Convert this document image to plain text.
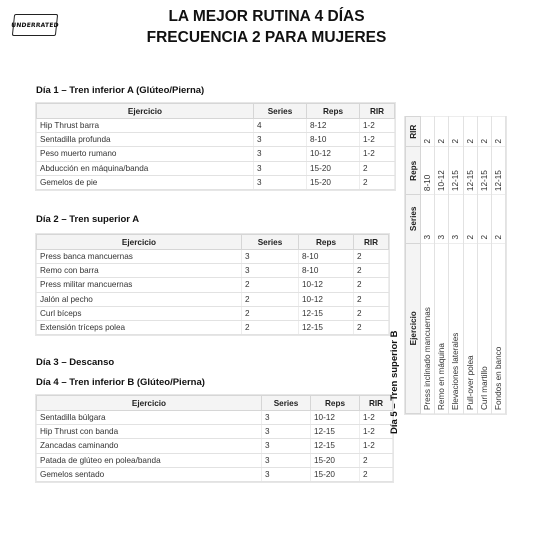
UNDERRATED	LA MEJOR RUTINA 4 DÍAS
FRECUENCIA 2 PARA MUJERES
Día 1 – Tren inferior A (Glúteo/Pierna)
Ejercicio	Series	Reps	RIR
Hip Thrust barra	4	8-12	1-2
Sentadilla profunda	3	8-10	1-2
Peso muerto rumano	3	10-12	1-2
Abducción en máquina/banda	3	15-20	2
Gemelos de pie	3	15-20	2
Día 2 – Tren superior A
Ejercicio	Series	Reps	RIR
Press banca mancuernas	3	8-10	2
Remo con barra	3	8-10	2
Press militar mancuernas	2	10-12	2
Jalón al pecho	2	10-12	2
Curl bíceps	2	12-15	2
Extensión tríceps polea	2	12-15	2
Día 3 – Descanso
Día 4 – Tren inferior B (Glúteo/Pierna)
Ejercicio	Series	Reps	RIR
Sentadilla búlgara	3	10-12	1-2
Hip Thrust con banda	3	12-15	1-2
Zancadas caminando	3	12-15	1-2
Patada de glúteo en polea/banda	3	15-20	2
Gemelos sentado	3	15-20	2
Día 5 – Tren superior B
Ejercicio	Series	Reps	RIR
Press inclinado mancuernas	3	8-10	2
Remo en máquina	3	10-12	2
Elevaciones laterales	3	12-15	2
Pull-over polea	2	12-15	2
Curl martillo	2	12-15	2
Fondos en banco	2	12-15	2
